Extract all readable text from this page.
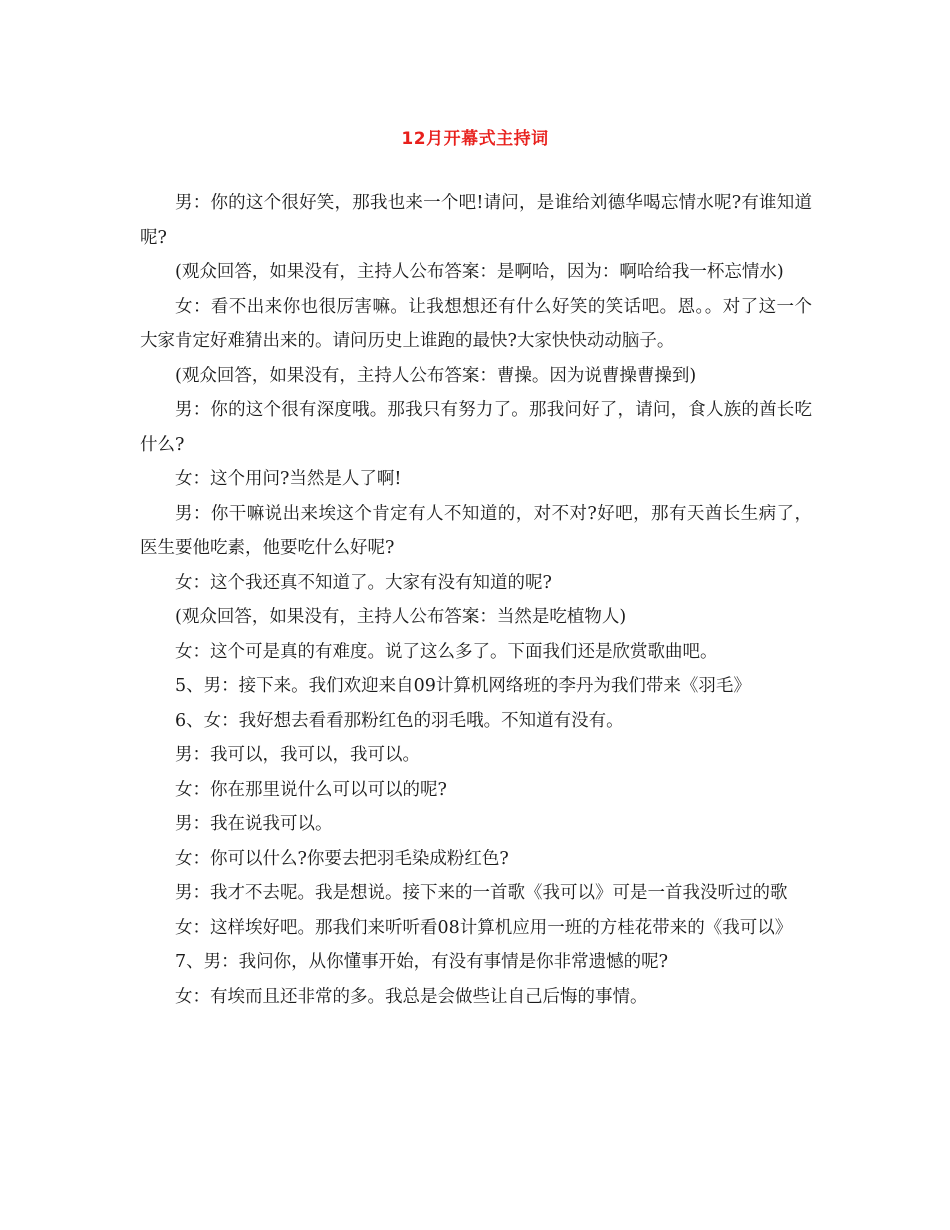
12月开幕式主持词

男：你的这个很好笑，那我也来一个吧!请问，是谁给刘德华喝忘情水呢?有谁知道呢?

(观众回答，如果没有，主持人公布答案：是啊哈，因为：啊哈给我一杯忘情水)

女：看不出来你也很厉害嘛。让我想想还有什么好笑的笑话吧。恩。。对了这一个大家肯定好难猜出来的。请问历史上谁跑的最快?大家快快动动脑子。

(观众回答，如果没有，主持人公布答案：曹操。因为说曹操曹操到)

男：你的这个很有深度哦。那我只有努力了。那我问好了，请问，食人族的酋长吃什么?

女：这个用问?当然是人了啊!

男：你干嘛说出来埃这个肯定有人不知道的，对不对?好吧，那有天酋长生病了，医生要他吃素，他要吃什么好呢?

女：这个我还真不知道了。大家有没有知道的呢?

(观众回答，如果没有，主持人公布答案：当然是吃植物人)

女：这个可是真的有难度。说了这么多了。下面我们还是欣赏歌曲吧。

5、男：接下来。我们欢迎来自09计算机网络班的李丹为我们带来《羽毛》

6、女：我好想去看看那粉红色的羽毛哦。不知道有没有。

男：我可以，我可以，我可以。

女：你在那里说什么可以可以的呢?

男：我在说我可以。

女：你可以什么?你要去把羽毛染成粉红色?

男：我才不去呢。我是想说。接下来的一首歌《我可以》可是一首我没听过的歌

女：这样埃好吧。那我们来听听看08计算机应用一班的方桂花带来的《我可以》

7、男：我问你，从你懂事开始，有没有事情是你非常遗憾的呢?

女：有埃而且还非常的多。我总是会做些让自己后悔的事情。
